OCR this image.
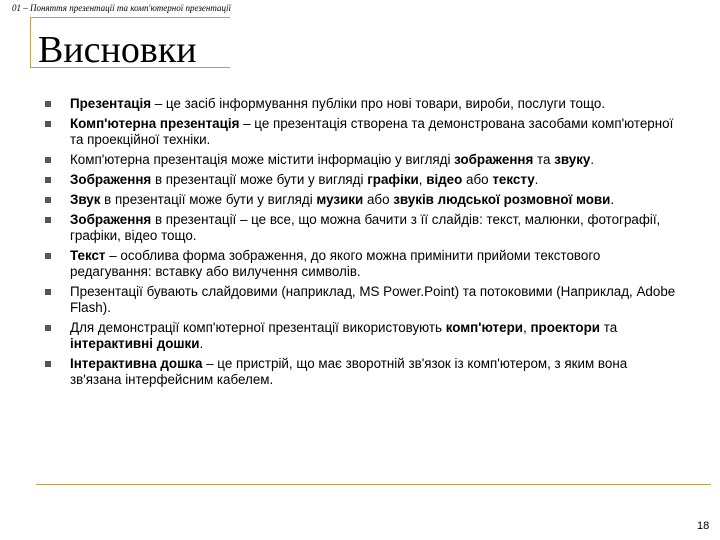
01 – Поняття презентації та комп'ютерної презентації
Висновки
Презентація – це засіб інформування публіки про нові товари, вироби, послуги тощо.
Комп'ютерна презентація – це презентація створена та демонстрована засобами комп'ютерної та проекційної техніки.
Комп'ютерна презентація може містити інформацію у вигляді зображення та звуку.
Зображення в презентації може бути у вигляді графіки, відео або тексту.
Звук в презентації може бути у вигляді музики або звуків людської розмовної мови.
Зображення в презентації – це все, що можна бачити з її слайдів: текст, малюнки, фотографії, графіки, відео тощо.
Текст – особлива форма зображення, до якого можна примінити прийоми текстового редагування: вставку або вилучення символів.
Презентації бувають слайдовими (наприклад, MS Power.Point) та потоковими (Наприклад, Adobe Flash).
Для демонстрації комп'ютерної презентації використовують комп'ютери, проектори та інтерактивні дошки.
Інтерактивна дошка – це пристрій, що має зворотній зв'язок із комп'ютером, з яким вона зв'язана інтерфейсним кабелем.
18
